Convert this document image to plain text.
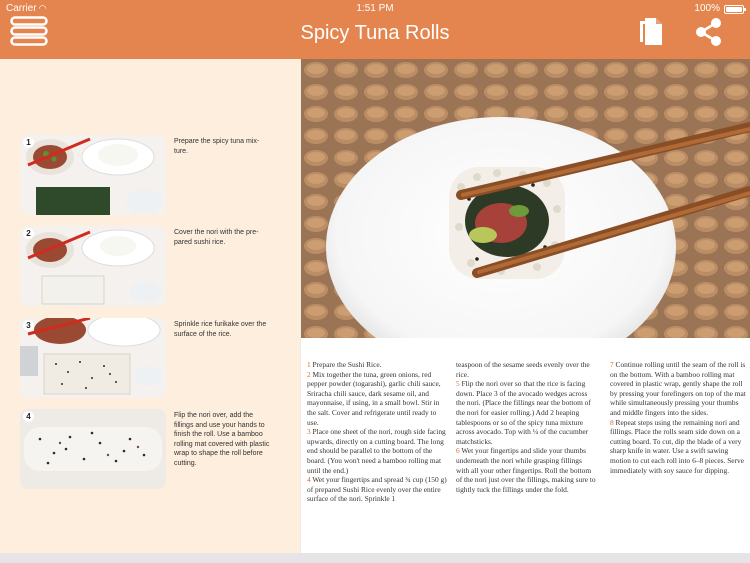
Carrier ◠	1:51 PM	100%
Spicy Tuna Rolls
1	Prepare the spicy tuna mix-ture.
2	Cover the nori with the pre-pared sushi rice.
3	Sprinkle rice furikake over the surface of the rice.
4	Flip the nori over, add the fillings and use your hands to finish the roll. Use a bamboo rolling mat covered with plastic wrap to shape the roll before cutting.
1 Prepare the Sushi Rice.
2 Mix together the tuna, green onions, red pepper powder (togarashi), garlic chili sauce, Sriracha chili sauce, dark sesame oil, and mayonnaise, if using, in a small bowl. Stir in the salt. Cover and refrigerate until ready to use.
3 Place one sheet of the nori, rough side facing upwards, directly on a cutting board. The long end should be parallel to the bottom of the board. (You won't need a bamboo rolling mat until the end.)
4 Wet your fingertips and spread ¾ cup (150 g) of prepared Sushi Rice evenly over the entire surface of the nori. Sprinkle 1
teaspoon of the sesame seeds evenly over the rice.
5 Flip the nori over so that the rice is facing down. Place 3 of the avocado wedges across the nori. (Place the fillings near the bottom of the nori for easier rolling.) Add 2 heaping tablespoons or so of the spicy tuna mixture across avocado. Top with ¼ of the cucumber matchsticks.
6 Wet your fingertips and slide your thumbs underneath the nori while grasping fillings with all your other fingertips. Roll the bottom of the nori just over the fillings, making sure to tightly tuck the fillings under the fold.
7 Continue rolling until the seam of the roll is on the bottom. With a bamboo rolling mat covered in plastic wrap, gently shape the roll by pressing your forefingers on top of the mat while simultaneously pressing your thumbs and middle fingers into the sides.
8 Repeat steps using the remaining nori and fillings. Place the rolls seam side down on a cutting board. To cut, dip the blade of a very sharp knife in water. Use a swift sawing motion to cut each roll into 6–8 pieces. Serve immediately with soy sauce for dipping.
